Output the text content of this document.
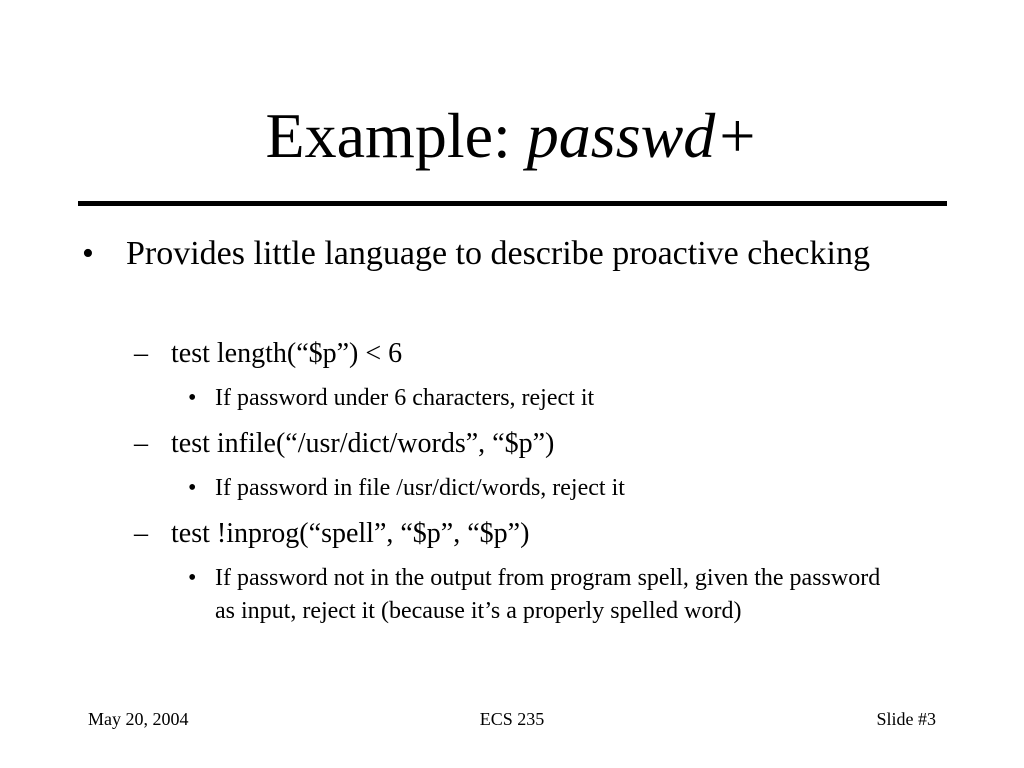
Example: passwd+
• Provides little language to describe proactive checking
– test length(“$p”) < 6
• If password under 6 characters, reject it
– test infile(“/usr/dict/words”, “$p”)
• If password in file /usr/dict/words, reject it
– test !inprog(“spell”, “$p”, “$p”)
• If password not in the output from program spell, given the password as input, reject it (because it’s a properly spelled word)
May 20, 2004	ECS 235	Slide #3
